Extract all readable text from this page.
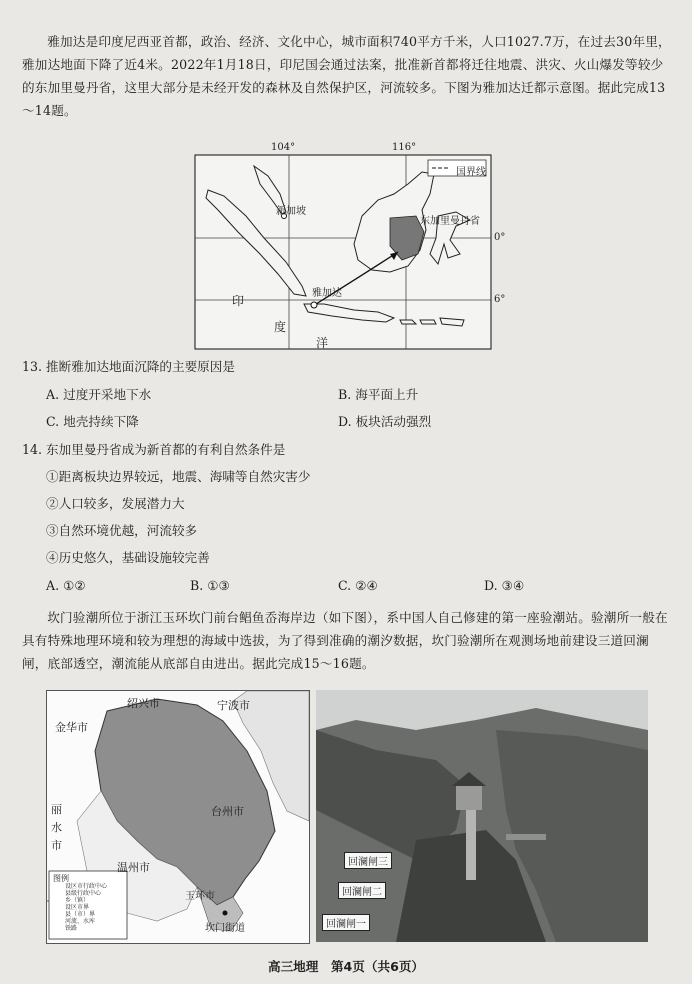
雅加达是印度尼西亚首都，政治、经济、文化中心，城市面积740平方千米，人口1027.7万，在过去30年里，雅加达地面下降了近4米。2022年1月18日，印尼国会通过法案，批准新首都将迁往地震、洪灾、火山爆发等较少的东加里曼丹省，这里大部分是未经开发的森林及自然保护区，河流较多。下图为雅加达迁都示意图。据此完成13～14题。
104°	116°
0°
6°
国界线
新加坡
东加里曼丹省
雅加达
印
度
洋
13. 推断雅加达地面沉降的主要原因是
A. 过度开采地下水	B. 海平面上升
C. 地壳持续下降	D. 板块活动强烈
14. 东加里曼丹省成为新首都的有利自然条件是
①距离板块边界较远，地震、海啸等自然灾害少
②人口较多，发展潜力大
③自然环境优越，河流较多
④历史悠久，基础设施较完善
A. ①②	B. ①③	C. ②④	D. ③④
坎门验潮所位于浙江玉环坎门前台鲳鱼岙海岸边（如下图），系中国人自己修建的第一座验潮站。验潮所一般在具有特殊地理环境和较为理想的海域中选拔，为了得到准确的潮汐数据，坎门验潮所在观测场地前建设三道回澜闸，底部透空，潮流能从底部自由进出。据此完成15～16题。
绍兴市	宁波市
金华市
丽水市
台州市
温州市
玉环市
坎门街道
图例
设区市行政中心
县级行政中心
乡（镇）
设区市界
县（市）界
河流、水库
铁路
回澜闸三
回澜闸二
回澜闸一
高三地理　第4页（共6页）
